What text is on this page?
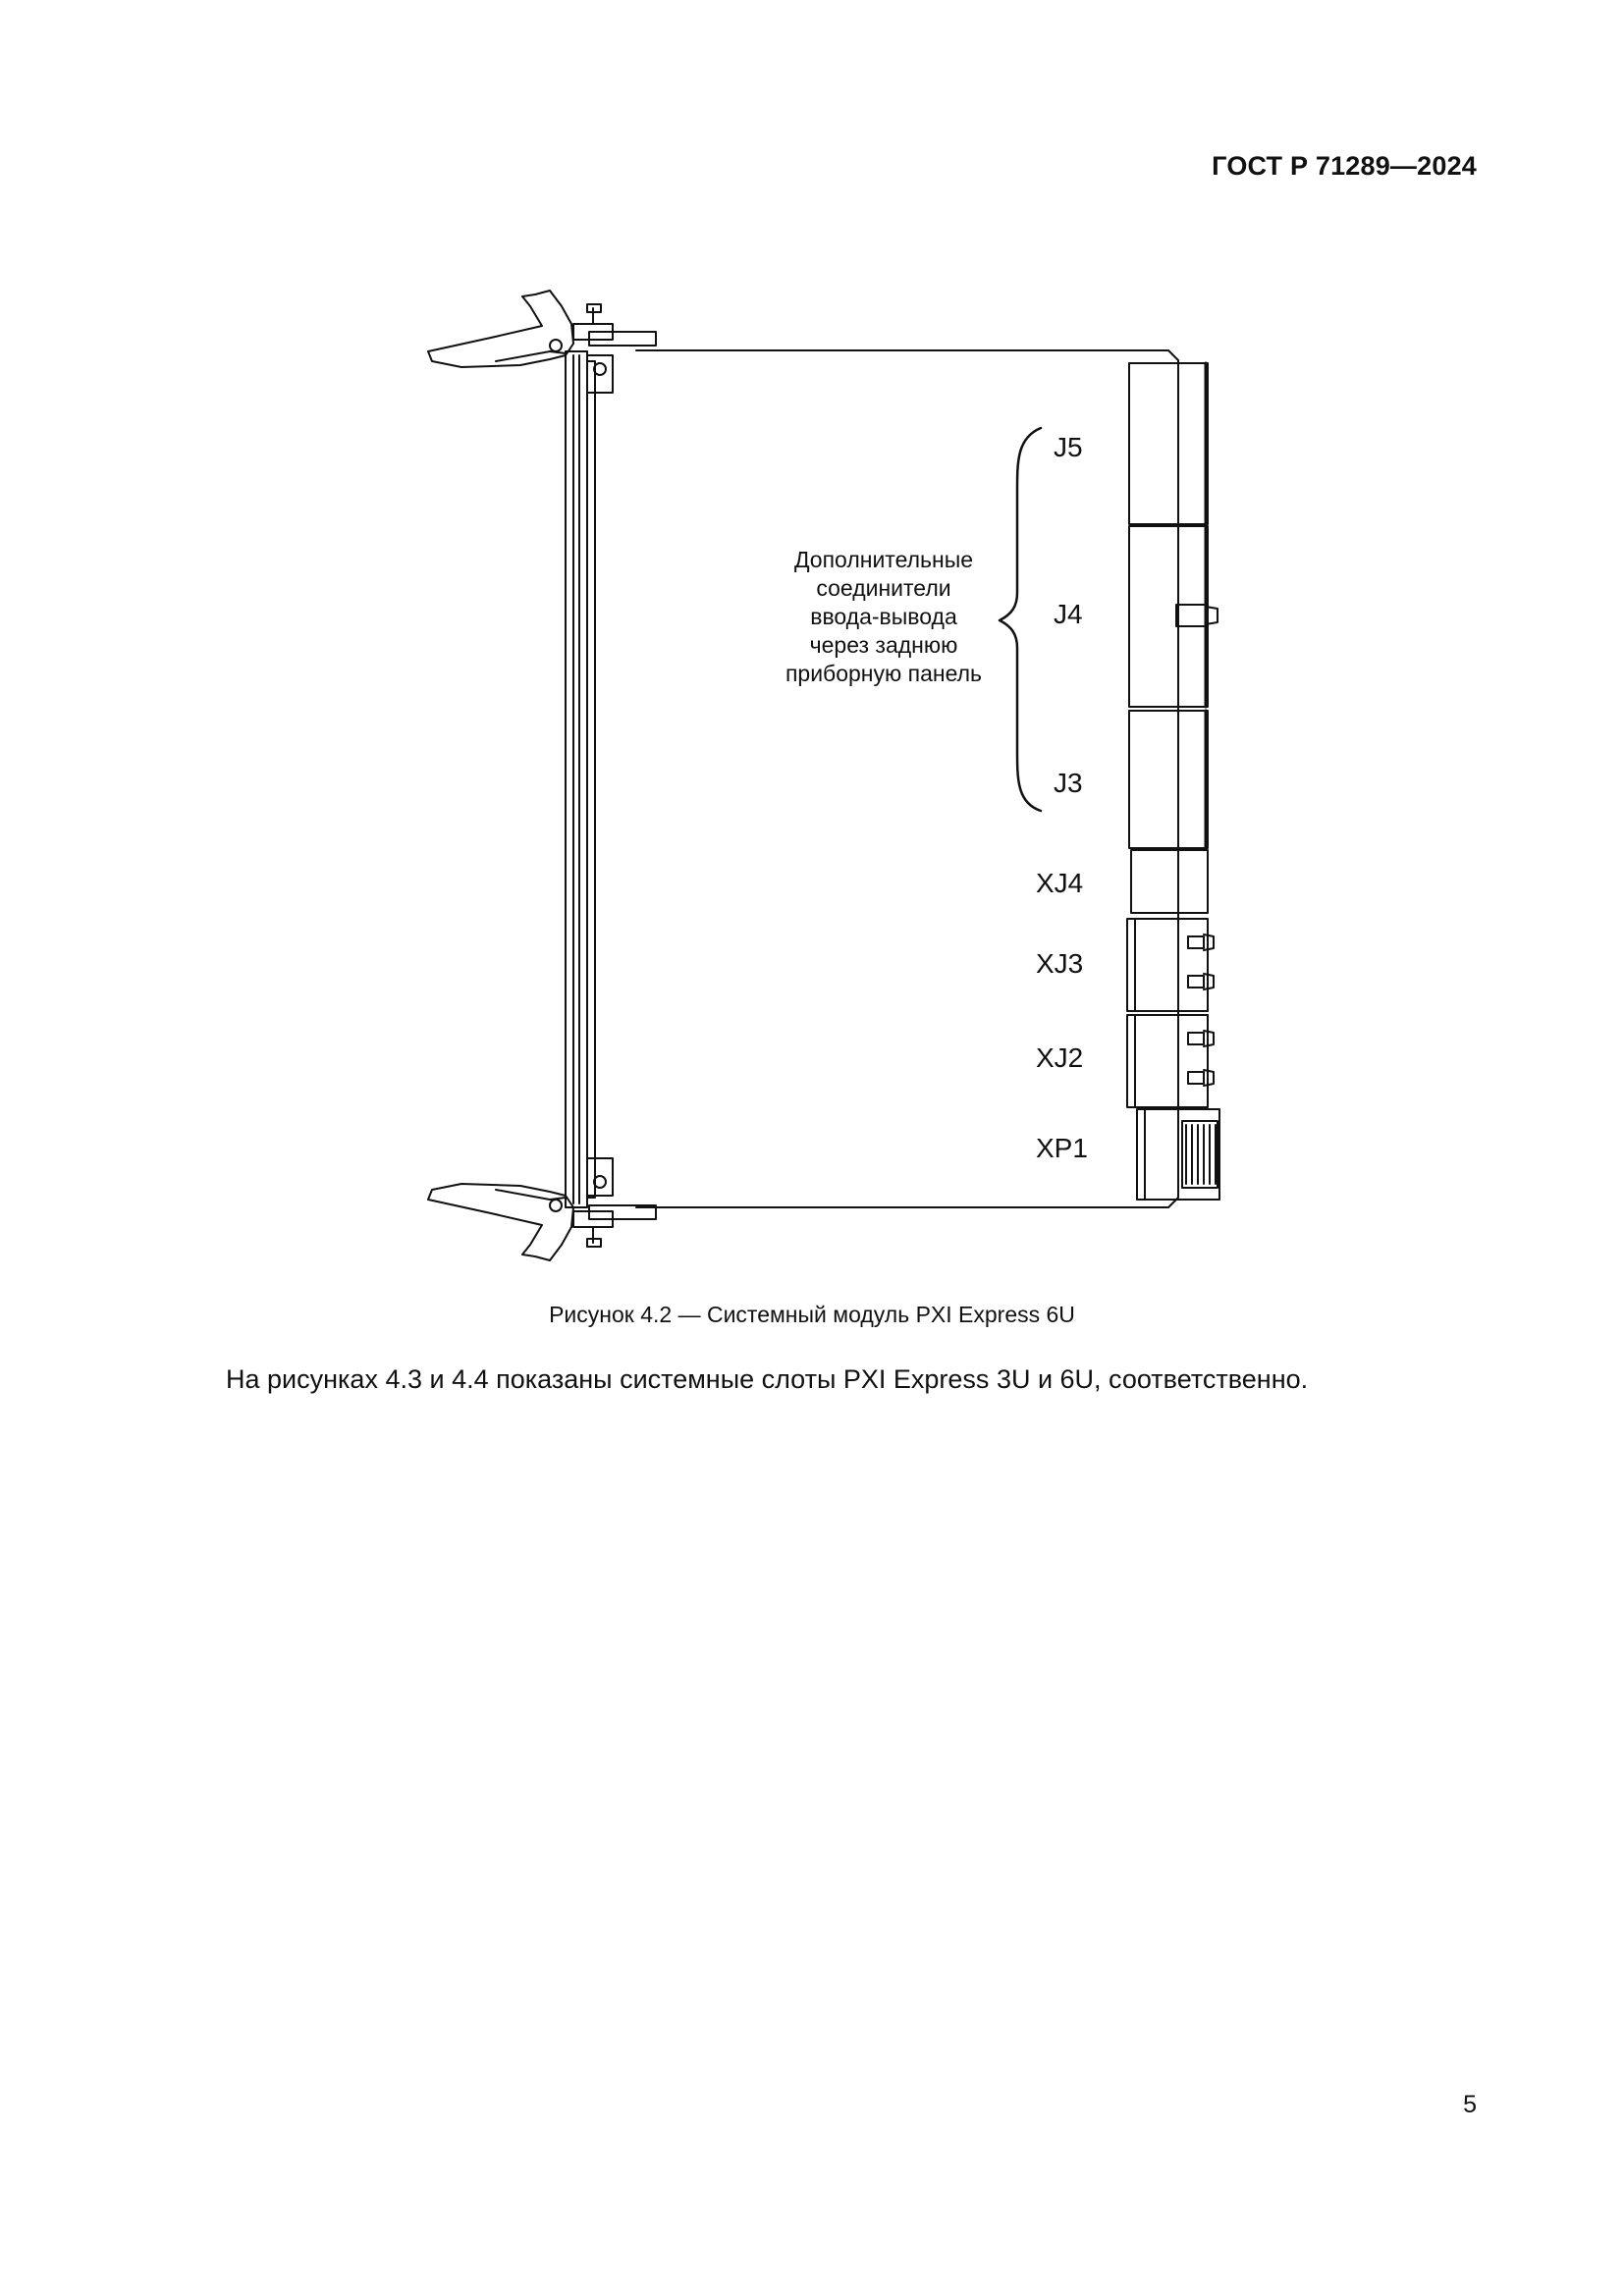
ГОСТ Р 71289—2024
J5
J4
J3
XJ4
XJ3
XJ2
XP1
Дополнительные
соединители
ввода-вывода
через заднюю
приборную панель
Рисунок 4.2 — Системный модуль PXI Express 6U
На рисунках 4.3 и 4.4 показаны системные слоты PXI Express 3U и 6U, соответственно.
5
